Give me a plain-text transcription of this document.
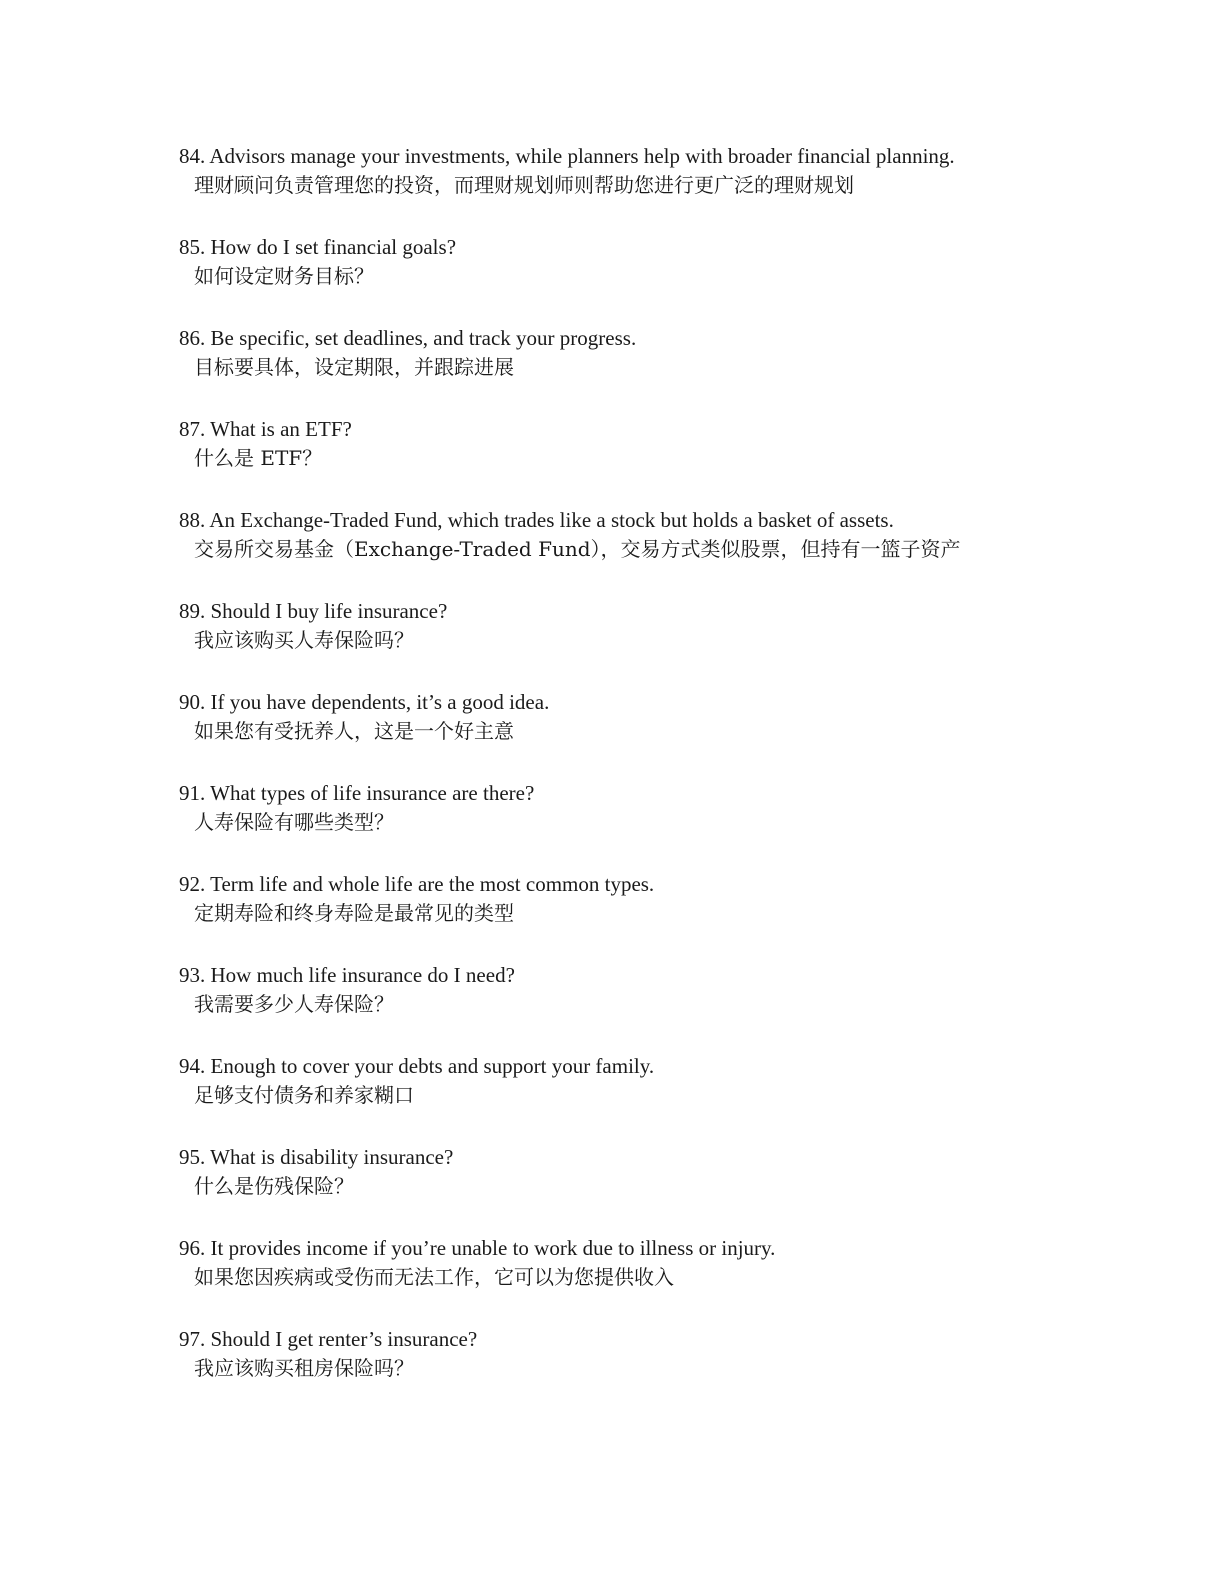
84. Advisors manage your investments, while planners help with broader financial planning.
理财顾问负责管理您的投资，而理财规划师则帮助您进行更广泛的理财规划
85. How do I set financial goals?
如何设定财务目标？
86. Be specific, set deadlines, and track your progress.
目标要具体，设定期限，并跟踪进展
87. What is an ETF?
什么是 ETF？
88. An Exchange-Traded Fund, which trades like a stock but holds a basket of assets.
交易所交易基金（Exchange-Traded Fund），交易方式类似股票，但持有一篮子资产
89. Should I buy life insurance?
我应该购买人寿保险吗？
90. If you have dependents, it’s a good idea.
如果您有受抚养人，这是一个好主意
91. What types of life insurance are there?
人寿保险有哪些类型？
92. Term life and whole life are the most common types.
定期寿险和终身寿险是最常见的类型
93. How much life insurance do I need?
我需要多少人寿保险？
94. Enough to cover your debts and support your family.
足够支付债务和养家糊口
95. What is disability insurance?
什么是伤残保险？
96. It provides income if you’re unable to work due to illness or injury.
如果您因疾病或受伤而无法工作，它可以为您提供收入
97. Should I get renter’s insurance?
我应该购买租房保险吗？
